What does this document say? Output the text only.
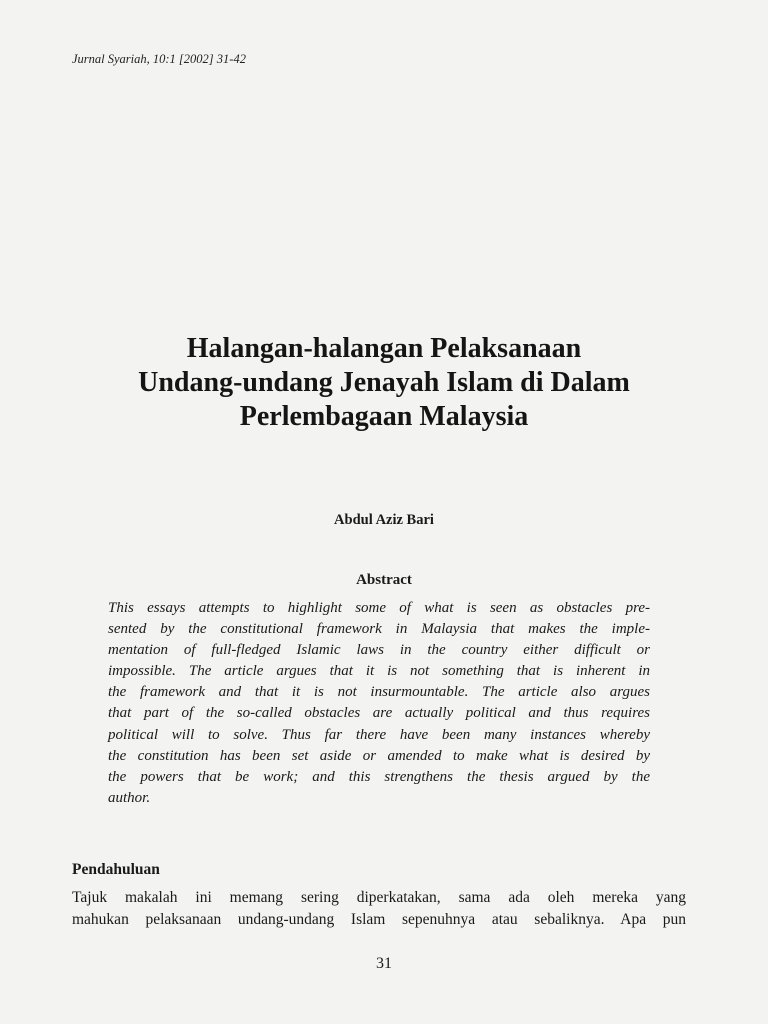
Jurnal Syariah, 10:1 [2002] 31-42
Halangan-halangan Pelaksanaan
Undang-undang Jenayah Islam di Dalam
Perlembagaan Malaysia
Abdul Aziz Bari
Abstract
This essays attempts to highlight some of what is seen as obstacles pre-
sented by the constitutional framework in Malaysia that makes the imple-
mentation of full-fledged Islamic laws in the country either difficult or
impossible. The article argues that it is not something that is inherent in
the framework and that it is not insurmountable. The article also argues
that part of the so-called obstacles are actually political and thus requires
political will to solve. Thus far there have been many instances whereby
the constitution has been set aside or amended to make what is desired by
the powers that be work; and this strengthens the thesis argued by the
author.
Pendahuluan
Tajuk makalah ini memang sering diperkatakan, sama ada oleh mereka yang
mahukan pelaksanaan undang-undang Islam sepenuhnya atau sebaliknya. Apa pun
31
